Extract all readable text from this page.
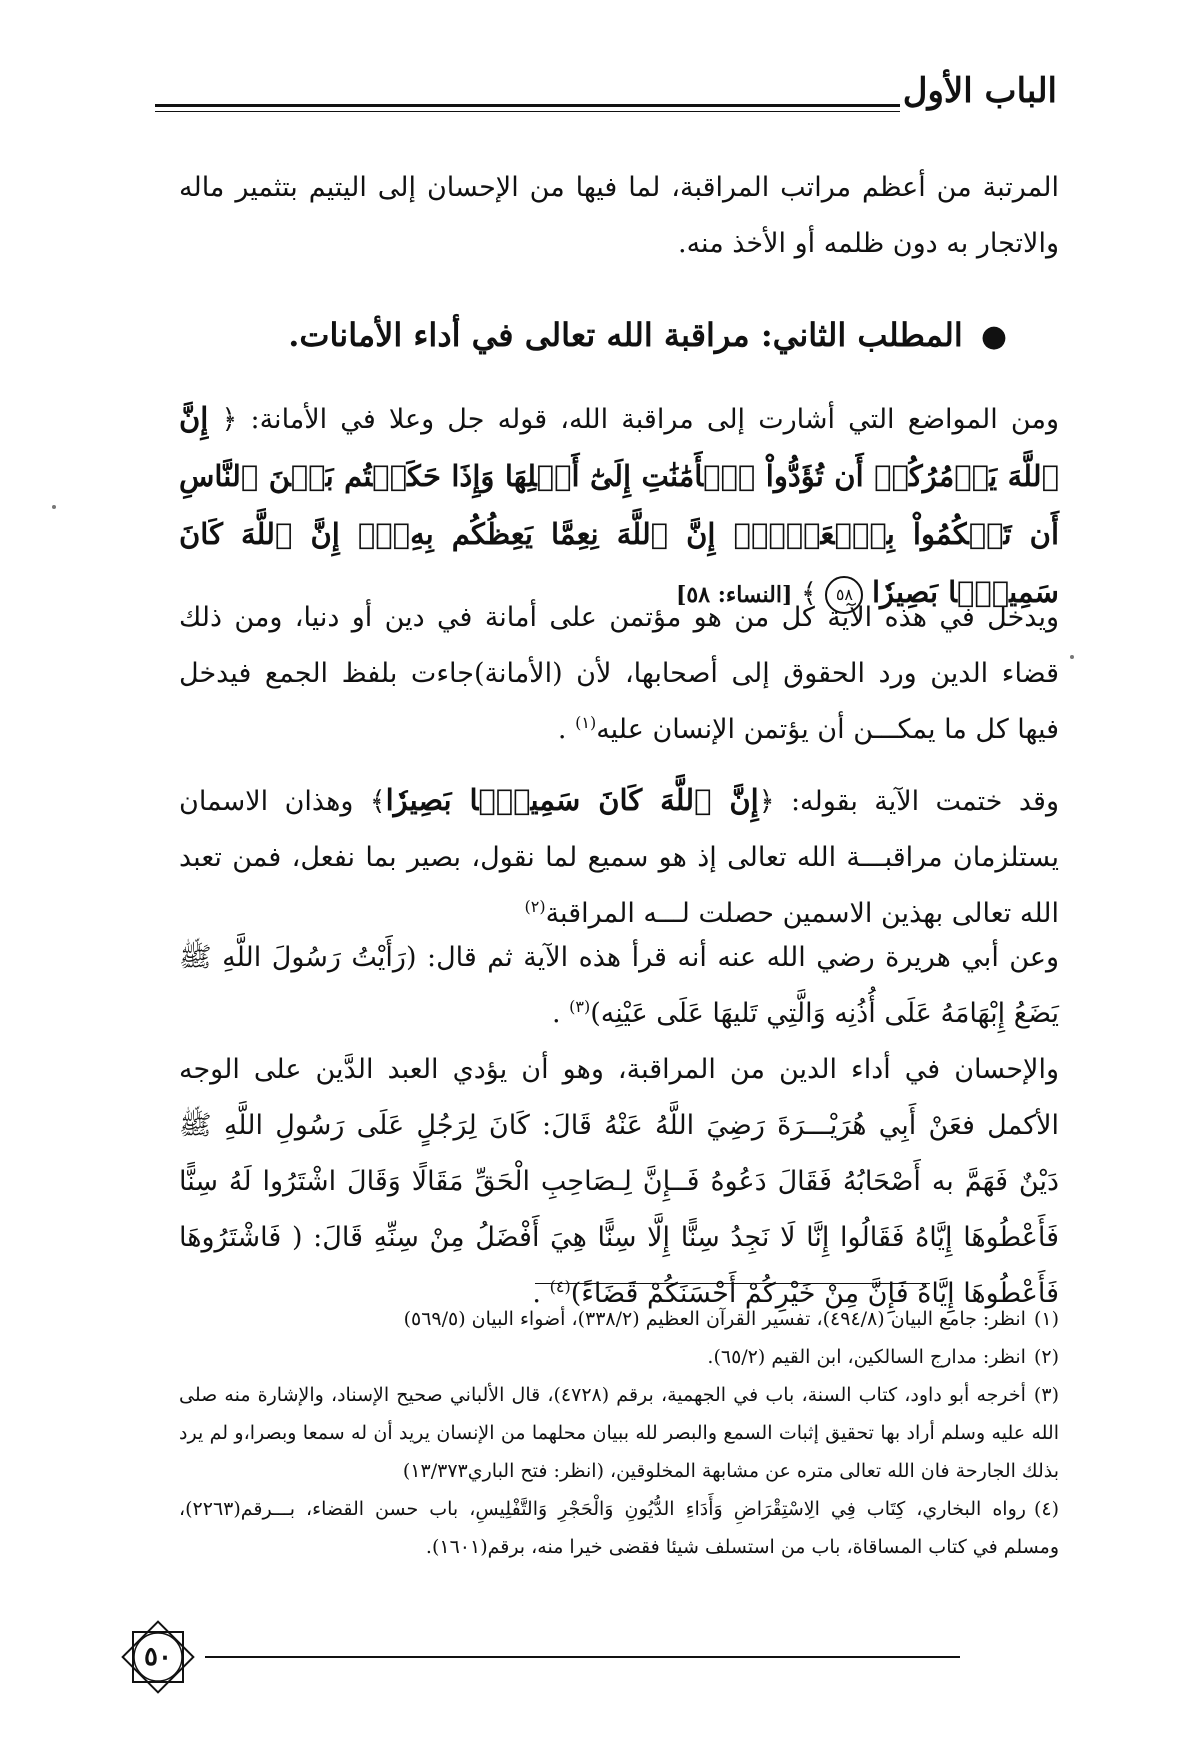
الباب الأول
المرتبة من أعظم مراتب المراقبة، لما فيها من الإحسان إلى اليتيم بتثمير ماله والاتجار به دون ظلمه أو الأخذ منه.
●المطلب الثاني: مراقبة الله تعالى في أداء الأمانات.
ومن المواضع التي أشارت إلى مراقبة الله، قوله جل وعلا في الأمانة: ﴿ إِنَّ ٱللَّهَ يَأۡمُرُكُمۡ أَن تُؤَدُّواْ ٱلۡأَمَٰنَٰتِ إِلَىٰٓ أَهۡلِهَا وَإِذَا حَكَمۡتُم بَيۡنَ ٱلنَّاسِ أَن تَحۡكُمُواْ بِٱلۡعَدۡلِۚ إِنَّ ٱللَّهَ نِعِمَّا يَعِظُكُم بِهِۦٓۗ إِنَّ ٱللَّهَ كَانَ سَمِيعَۢا بَصِيرٗا ٥٨ ﴾ [النساء: ٥٨]
ويدخل في هذه الآية كل من هو مؤتمن على أمانة في دين أو دنيا، ومن ذلك قضاء الدين ورد الحقوق إلى أصحابها، لأن (الأمانة)جاءت بلفظ الجمع فيدخل فيها كل ما يمكـــن أن يؤتمن الإنسان عليه$^{(١)}$ .
وقد ختمت الآية بقوله: ﴿إِنَّ ٱللَّهَ كَانَ سَمِيعَۢا بَصِيرٗا﴾ وهذان الاسمان يستلزمان مراقبـــة الله تعالى إذ هو سميع لما نقول، بصير بما نفعل، فمن تعبد الله تعالى بهذين الاسمين حصلت لـــه المراقبة$^{(٢)}$
وعن أبي هريرة رضي الله عنه أنه قرأ هذه الآية ثم قال: (رَأَيْتُ رَسُولَ اللَّهِ ﷺ يَضَعُ إِبْهَامَهُ عَلَى أُذُنِه وَالَّتِي تَليهَا عَلَى عَيْنِه)$^{(٣)}$ .
والإحسان في أداء الدين من المراقبة، وهو أن يؤدي العبد الدَّين على الوجه الأكمل فعَنْ أَبِي هُرَيْـــرَةَ رَضِيَ اللَّهُ عَنْهُ قَالَ: كَانَ لِرَجُلٍ عَلَى رَسُولِ اللَّهِ ﷺ دَيْنٌ فَهَمَّ به أَصْحَابُهُ فَقَالَ دَعُوهُ فَــإِنَّ لِـصَاحِبِ الْحَقِّ مَقَالًا وَقَالَ اشْتَرُوا لَهُ سِنًّا فَأَعْطُوهَا إِيَّاهُ فَقَالُوا إِنَّا لَا نَجِدُ سِنًّا إِلَّا سِنًّا هِيَ أَفْضَلُ مِنْ سِنِّهِ قَالَ: ( فَاشْتَرُوهَا فَأَعْطُوهَا إِيَّاهُ فَإِنَّ مِنْ خَيْرِكُمْ أَحْسَنَكُمْ قَضَاءً)$^{(٤)}$ .

(١)انظر: جامع البيان (٤٩٤/٨)، تفسير القرآن العظيم (٣٣٨/٢)، أضواء البيان (٥٦٩/٥)

(٢)انظر: مدارج السالكين، ابن القيم (٦٥/٢).

(٣)أخرجه أبو داود، كتاب السنة، باب في الجهمية، برقم (٤٧٢٨)، قال الألباني صحيح الإسناد، والإشارة منه صلى الله عليه وسلم أراد بها تحقيق إثبات السمع والبصر لله ببيان محلهما من الإنسان يريد أن له سمعا وبصرا،و لم يرد بذلك الجارحة فان الله تعالى متره عن مشابهة المخلوقين، (انظر: فتح الباري١٣/٣٧٣)

(٤)رواه البخاري، كِتَاب فِي الِاسْتِقْرَاضِ وَأَدَاءِ الدُّيُونِ وَالْحَجْرِ وَالتَّفْلِيسِ، باب حسن القضاء، بـــرقم(٢٢٦٣)، ومسلم في كتاب المساقاة، باب من استسلف شيئا فقضى خيرا منه، برقم(١٦٠١).

٥٠
